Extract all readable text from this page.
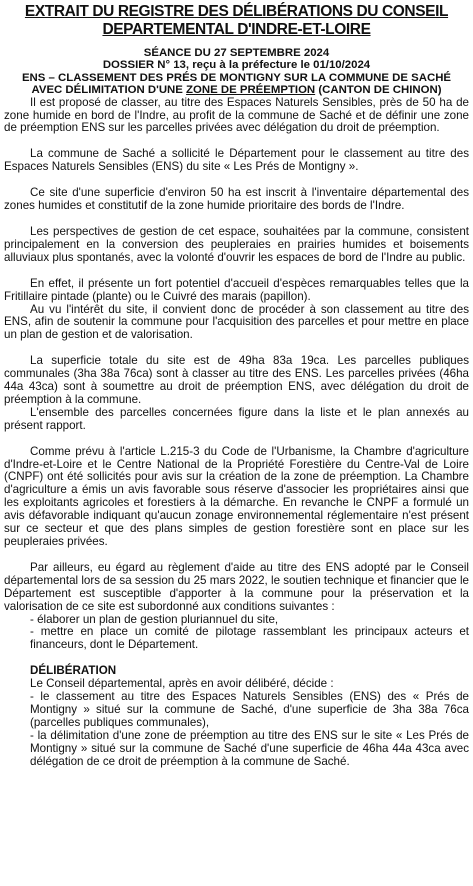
EXTRAIT DU REGISTRE DES DÉLIBÉRATIONS DU CONSEIL
DEPARTEMENTAL D'INDRE-ET-LOIRE
SÉANCE DU 27 SEPTEMBRE 2024
DOSSIER N° 13, reçu à la préfecture le 01/10/2024
ENS – CLASSEMENT DES PRÉS DE MONTIGNY SUR LA COMMUNE DE SACHÉ
AVEC DÉLIMITATION D'UNE ZONE DE PRÉEMPTION (CANTON DE CHINON)

Il est proposé de classer, au titre des Espaces Naturels Sensibles, près de 50 ha de zone humide en bord de l'Indre, au profit de la commune de Saché et de définir une zone de préemption ENS sur les parcelles privées avec délégation du droit de préemption.

La commune de Saché a sollicité le Département pour le classement au titre des Espaces Naturels Sensibles (ENS) du site « Les Prés de Montigny ».

Ce site d'une superficie d'environ 50 ha est inscrit à l'inventaire départemental des zones humides et constitutif de la zone humide prioritaire des bords de l'Indre.

Les perspectives de gestion de cet espace, souhaitées par la commune, consistent principalement en la conversion des peupleraies en prairies humides et boisements alluviaux plus spontanés, avec la volonté d'ouvrir les espaces de bord de l'Indre au public.

En effet, il présente un fort potentiel d'accueil d'espèces remarquables telles que la Fritillaire pintade (plante) ou le Cuivré des marais (papillon).

Au vu l'intérêt du site, il convient donc de procéder à son classement au titre des ENS, afin de soutenir la commune pour l'acquisition des parcelles et pour mettre en place un plan de gestion et de valorisation.

La superficie totale du site est de 49ha 83a 19ca. Les parcelles publiques communales (3ha 38a 76ca) sont à classer au titre des ENS. Les parcelles privées (46ha 44a 43ca) sont à soumettre au droit de préemption ENS, avec délégation du droit de préemption à la commune.

L'ensemble des parcelles concernées figure dans la liste et le plan annexés au présent rapport.

Comme prévu à l'article L.215-3 du Code de l'Urbanisme, la Chambre d'agriculture d'Indre-et-Loire et le Centre National de la Propriété Forestière du Centre-Val de Loire (CNPF) ont été sollicités pour avis sur la création de la zone de préemption. La Chambre d'agriculture a émis un avis favorable sous réserve d'associer les propriétaires ainsi que les exploitants agricoles et forestiers à la démarche. En revanche le CNPF a formulé un avis défavorable indiquant qu'aucun zonage environnemental réglementaire n'est présent sur ce secteur et que des plans simples de gestion forestière sont en place sur les peupleraies privées.

Par ailleurs, eu égard au règlement d'aide au titre des ENS adopté par le Conseil départemental lors de sa session du 25 mars 2022, le soutien technique et financier que le Département est susceptible d'apporter à la commune pour la préservation et la valorisation de ce site est subordonné aux conditions suivantes :

- élaborer un plan de gestion pluriannuel du site,

- mettre en place un comité de pilotage rassemblant les principaux acteurs et financeurs, dont le Département.

DÉLIBÉRATION

Le Conseil départemental, après en avoir délibéré, décide :

- le classement au titre des Espaces Naturels Sensibles (ENS) des « Prés de Montigny » situé sur la commune de Saché, d'une superficie de 3ha 38a 76ca (parcelles publiques communales),

- la délimitation d'une zone de préemption au titre des ENS sur le site « Les Prés de Montigny » situé sur la commune de Saché d'une superficie de 46ha 44a 43ca avec délégation de ce droit de préemption à la commune de Saché.
